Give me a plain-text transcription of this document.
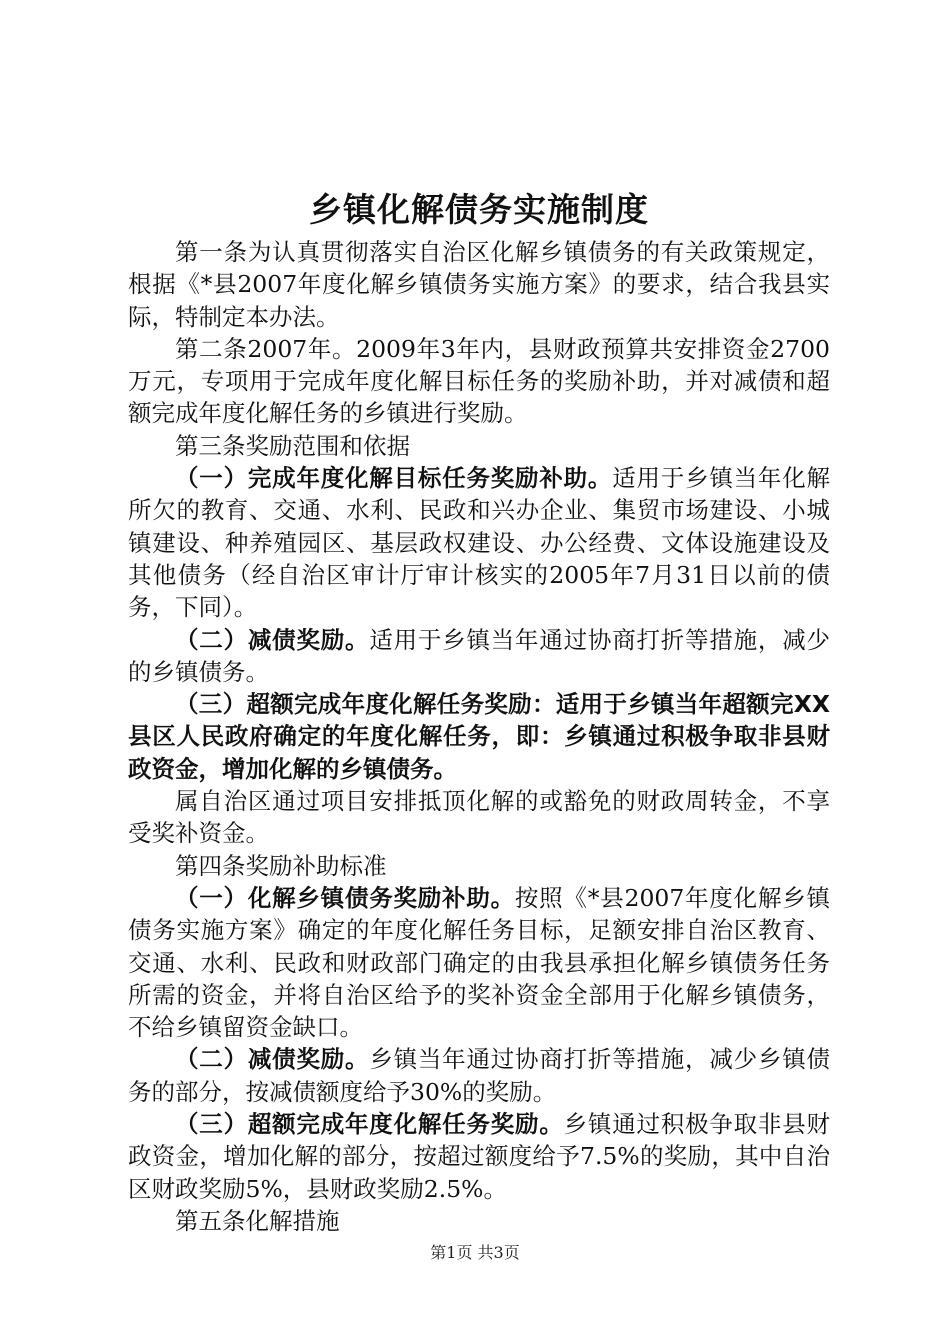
乡镇化解债务实施制度

第一条为认真贯彻落实自治区化解乡镇债务的有关政策规定，根据《*县2007年度化解乡镇债务实施方案》的要求，结合我县实际，特制定本办法。

第二条2007年。2009年3年内，县财政预算共安排资金2700万元，专项用于完成年度化解目标任务的奖励补助，并对减债和超额完成年度化解任务的乡镇进行奖励。

第三条奖励范围和依据

（一）完成年度化解目标任务奖励补助。适用于乡镇当年化解所欠的教育、交通、水利、民政和兴办企业、集贸市场建设、小城镇建设、种养殖园区、基层政权建设、办公经费、文体设施建设及其他债务（经自治区审计厅审计核实的2005年7月31日以前的债务，下同）。

（二）减债奖励。适用于乡镇当年通过协商打折等措施，减少的乡镇债务。

（三）超额完成年度化解任务奖励：适用于乡镇当年超额完XX县区人民政府确定的年度化解任务，即：乡镇通过积极争取非县财政资金，增加化解的乡镇债务。

属自治区通过项目安排抵顶化解的或豁免的财政周转金，不享受奖补资金。

第四条奖励补助标准

（一）化解乡镇债务奖励补助。按照《*县2007年度化解乡镇债务实施方案》确定的年度化解任务目标，足额安排自治区教育、交通、水利、民政和财政部门确定的由我县承担化解乡镇债务任务所需的资金，并将自治区给予的奖补资金全部用于化解乡镇债务，不给乡镇留资金缺口。

（二）减债奖励。乡镇当年通过协商打折等措施，减少乡镇债务的部分，按减债额度给予30%的奖励。

（三）超额完成年度化解任务奖励。乡镇通过积极争取非县财政资金，增加化解的部分，按超过额度给予7.5%的奖励，其中自治区财政奖励5%，县财政奖励2.5%。

第五条化解措施

第1页 共3页
